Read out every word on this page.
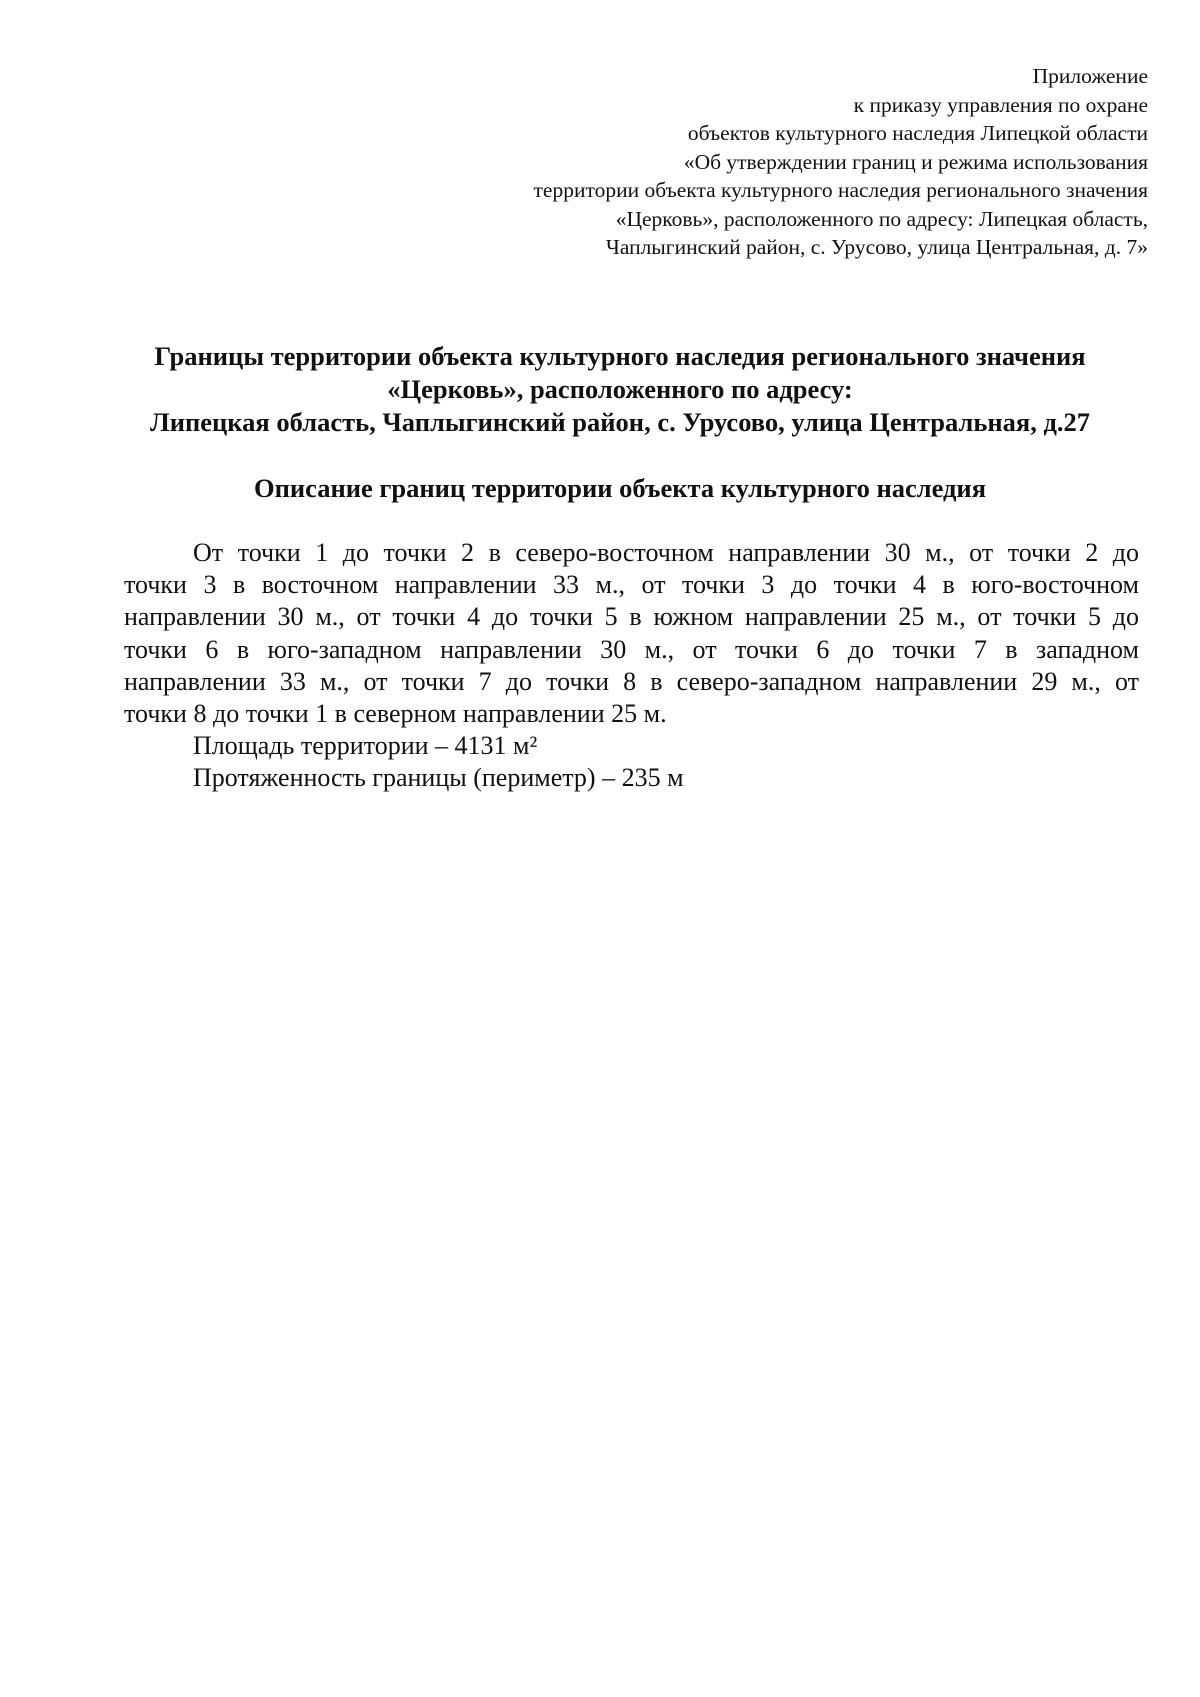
Приложение
к приказу управления по охране
объектов культурного наследия Липецкой области
«Об утверждении границ и режима использования
территории объекта культурного наследия регионального значения
«Церковь», расположенного по адресу: Липецкая область,
Чаплыгинский район, с. Урусово, улица Центральная, д. 7»
Границы территории объекта культурного наследия регионального значения
«Церковь», расположенного по адресу:
Липецкая область, Чаплыгинский район, с. Урусово, улица Центральная, д.27
Описание границ территории объекта культурного наследия
От точки 1 до точки 2 в северо-восточном направлении 30 м., от точки 2 до
точки 3 в восточном направлении 33 м., от точки 3 до точки 4 в юго-восточном
направлении 30 м., от точки 4 до точки 5 в южном направлении 25 м., от точки 5 до
точки 6 в юго-западном направлении 30 м., от точки 6 до точки 7 в западном
направлении 33 м., от точки 7 до точки 8 в северо-западном направлении 29 м., от
точки 8 до точки 1 в северном направлении 25 м.
Площадь территории – 4131 м²
Протяженность границы (периметр) – 235 м
